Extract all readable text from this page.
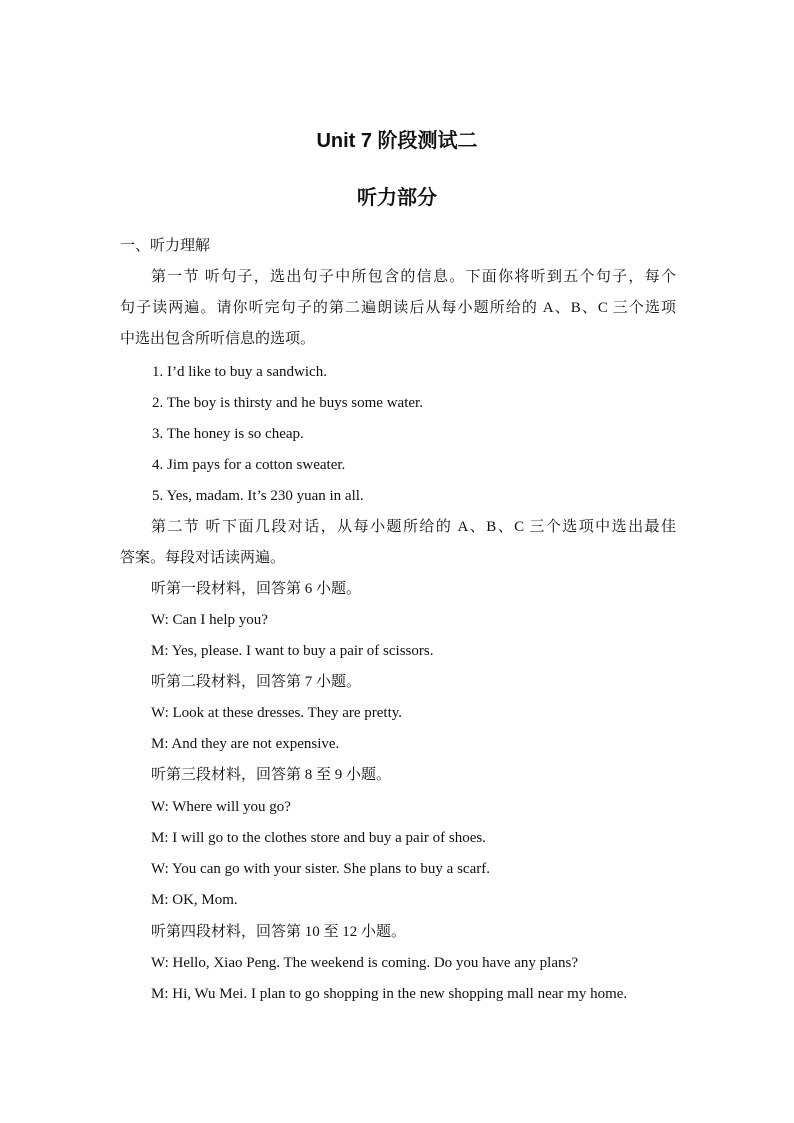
Unit 7 阶段测试二
听力部分
一、听力理解
第一节 听句子，选出句子中所包含的信息。下面你将听到五个句子，每个
句子读两遍。请你听完句子的第二遍朗读后从每小题所给的 A、B、C 三个选项
中选出包含所听信息的选项。
1. I’d like to buy a sandwich.
2. The boy is thirsty and he buys some water.
3. The honey is so cheap.
4. Jim pays for a cotton sweater.
5. Yes, madam. It’s 230 yuan in all.
第二节 听下面几段对话，从每小题所给的 A、B、C 三个选项中选出最佳
答案。每段对话读两遍。
听第一段材料，回答第 6 小题。
W: Can I help you?
M: Yes, please. I want to buy a pair of scissors.
听第二段材料，回答第 7 小题。
W: Look at these dresses. They are pretty.
M: And they are not expensive.
听第三段材料，回答第 8 至 9 小题。
W: Where will you go?
M: I will go to the clothes store and buy a pair of shoes.
W: You can go with your sister. She plans to buy a scarf.
M: OK, Mom.
听第四段材料，回答第 10 至 12 小题。
W: Hello, Xiao Peng. The weekend is coming. Do you have any plans?
M: Hi, Wu Mei. I plan to go shopping in the new shopping mall near my home.
